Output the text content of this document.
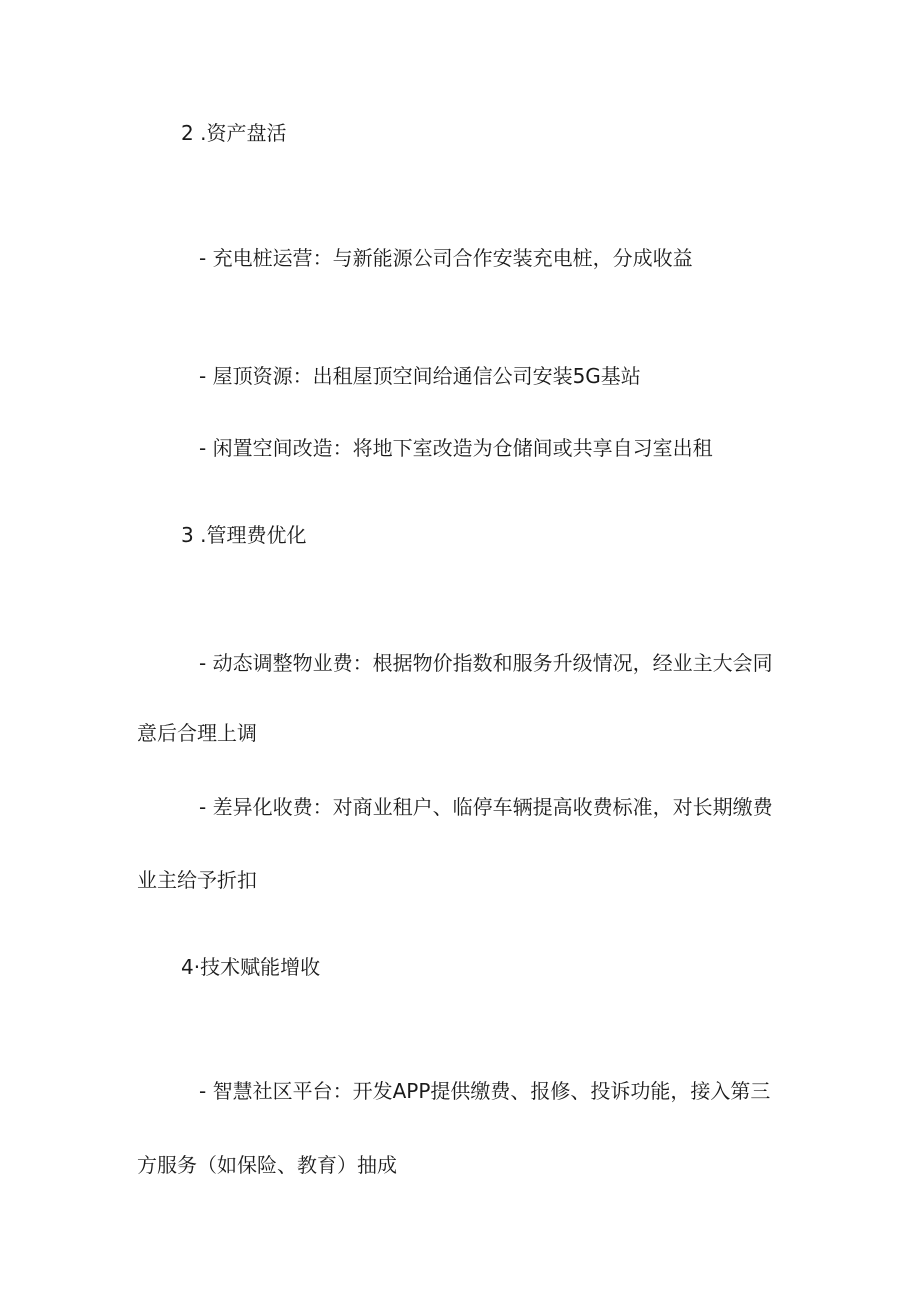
2 .资产盘活
- 充电桩运营：与新能源公司合作安装充电桩，分成收益
- 屋顶资源：出租屋顶空间给通信公司安装5G基站
- 闲置空间改造：将地下室改造为仓储间或共享自习室出租
3 .管理费优化
- 动态调整物业费：根据物价指数和服务升级情况，经业主大会同
意后合理上调
- 差异化收费：对商业租户、临停车辆提高收费标准，对长期缴费
业主给予折扣
4·技术赋能增收
- 智慧社区平台：开发APP提供缴费、报修、投诉功能，接入第三
方服务（如保险、教育）抽成
